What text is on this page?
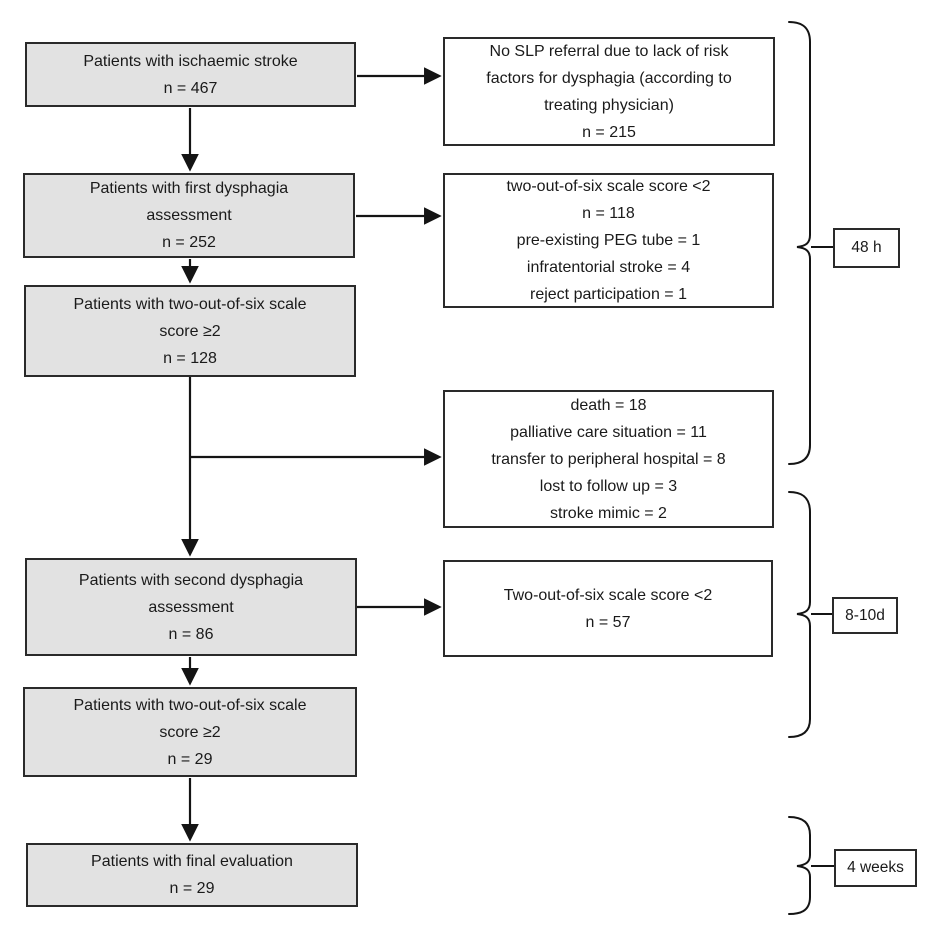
Patients with ischaemic stroke
n = 467
Patients with first dysphagia
assessment
n = 252
Patients with two-out-of-six scale
score ≥2
n = 128
Patients with second dysphagia
assessment
n = 86
Patients with two-out-of-six scale
score ≥2
n = 29
Patients with final evaluation
n = 29
No SLP referral due to lack of risk
factors for dysphagia (according to
treating physician)
n = 215
two-out-of-six scale score <2
n = 118
pre-existing PEG tube = 1
infratentorial stroke = 4
reject participation = 1
death = 18
palliative care situation = 11
transfer to peripheral hospital = 8
lost to follow up = 3
stroke mimic = 2
Two-out-of-six scale score <2
n = 57
48 h
8-10d
4 weeks
